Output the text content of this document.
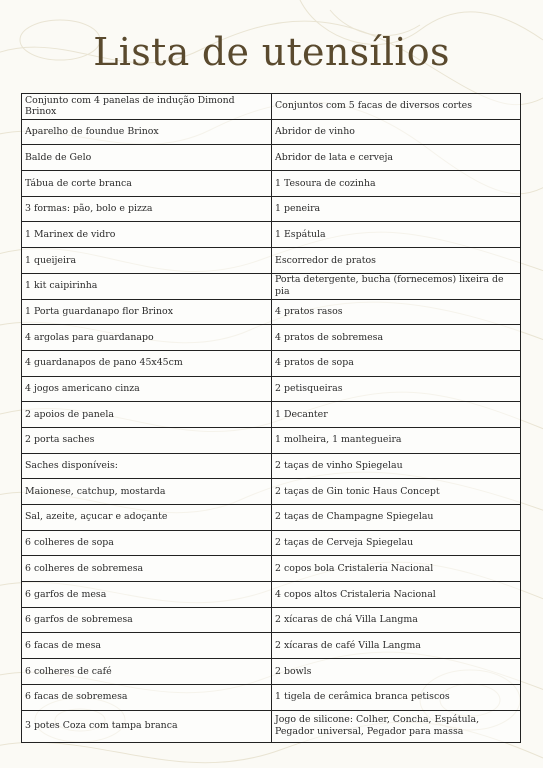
Lista de utensílios
Conjunto com 4 panelas de indução Dimond Brinox	Conjuntos com 5 facas de diversos cortes
Aparelho de foundue Brinox	Abridor de vinho
Balde de Gelo	Abridor de lata e cerveja
Tábua de corte branca	1 Tesoura de cozinha
3 formas: pão, bolo e pizza	1 peneira
1 Marinex de vidro	1 Espátula
1 queijeira	Escorredor de pratos
1 kit caipirinha	Porta detergente, bucha (fornecemos) lixeira de pia
1 Porta guardanapo flor Brinox	4 pratos rasos
4 argolas para guardanapo	4 pratos de sobremesa
4 guardanapos de pano 45x45cm	4 pratos de sopa
4 jogos americano cinza	2 petisqueiras
2 apoios de panela	1 Decanter
2 porta saches	1 molheira, 1 mantegueira
Saches disponíveis:	2 taças de vinho Spiegelau
Maionese, catchup, mostarda	2 taças de Gin tonic Haus Concept
Sal, azeite, açucar e adoçante	2 taças de Champagne Spiegelau
6 colheres de sopa	2 taças de Cerveja Spiegelau
6 colheres de sobremesa	2 copos bola Cristaleria Nacional
6 garfos de mesa	4 copos altos Cristaleria Nacional
6 garfos de sobremesa	2 xícaras de chá Villa Langma
6 facas de mesa	2 xícaras de café Villa Langma
6 colheres de café	2 bowls
6 facas de sobremesa	1 tigela de cerâmica branca petiscos
3 potes Coza com tampa branca	Jogo de silicone: Colher, Concha, Espátula, Pegador universal, Pegador para massa
